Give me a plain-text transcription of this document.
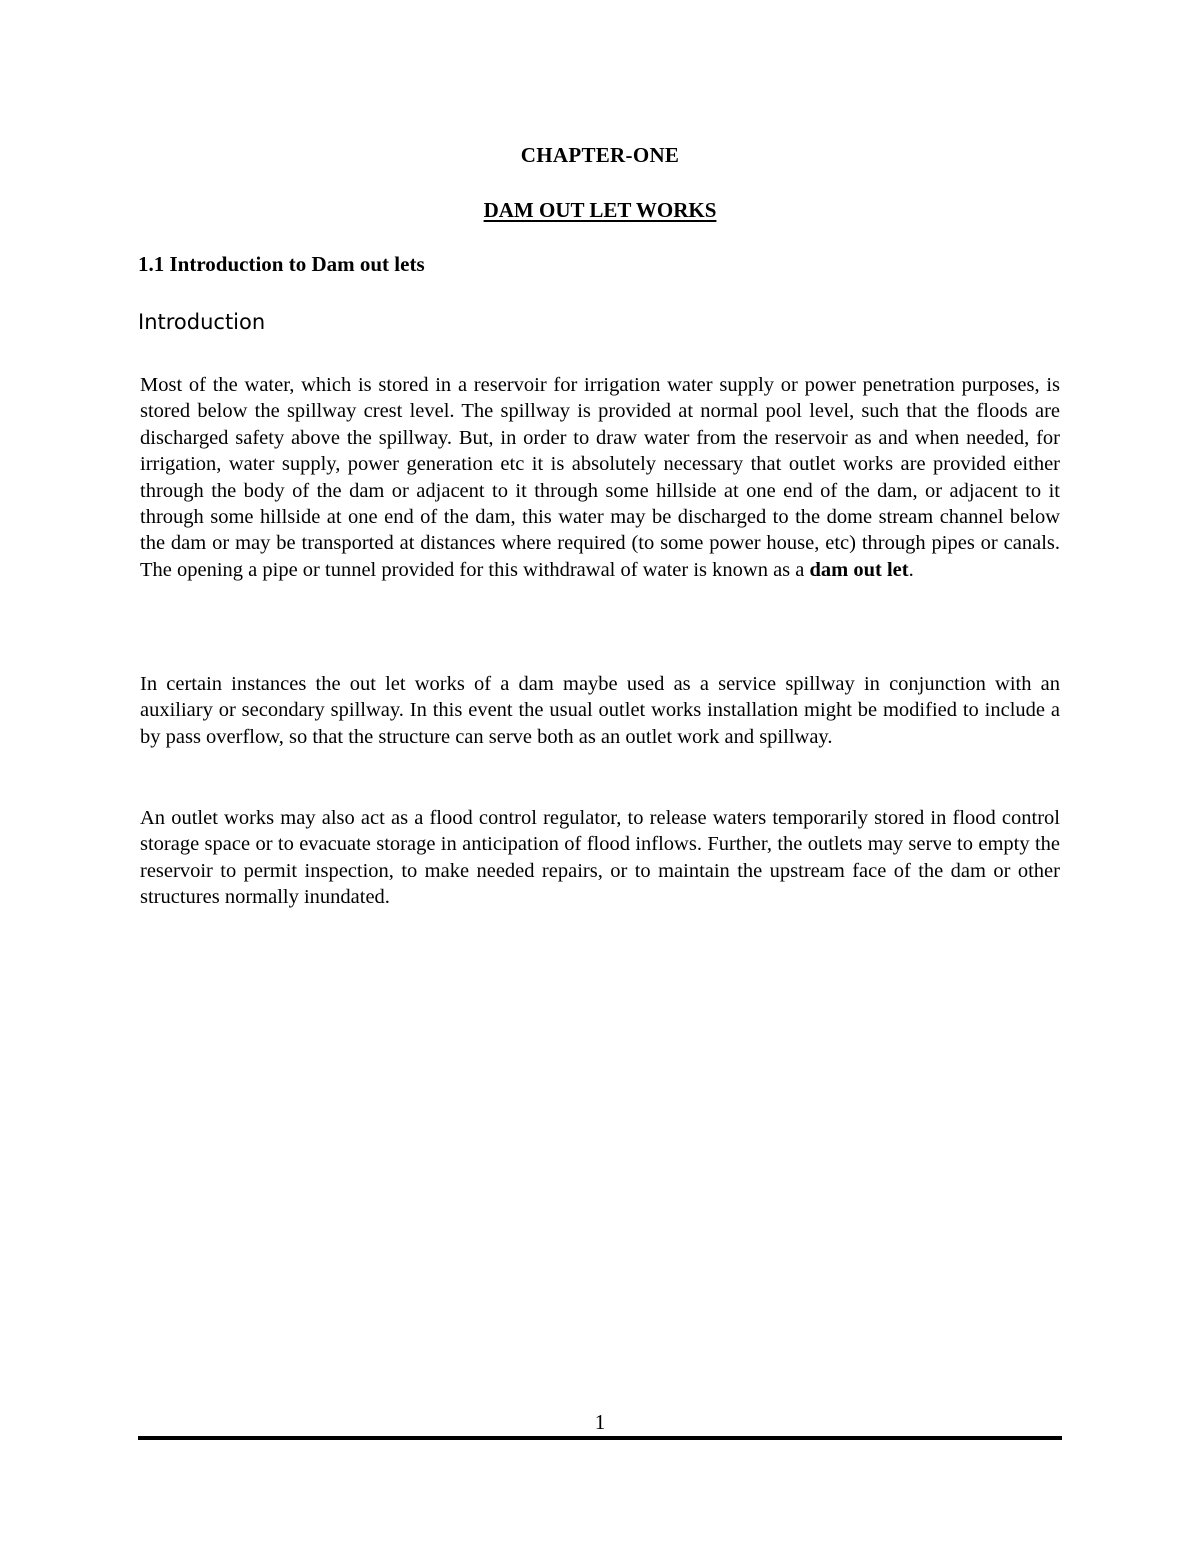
CHAPTER-ONE
DAM OUT LET WORKS
1.1 Introduction to Dam out lets
Introduction

Most of the water, which is stored in a reservoir for irrigation water supply or power penetration purposes, is stored below the spillway crest level. The spillway is provided at normal pool level, such that the floods are discharged safety above the spillway. But, in order to draw water from the reservoir as and when needed, for irrigation, water supply, power generation etc it is absolutely necessary that outlet works are provided either through the body of the dam or adjacent to it through some hillside at one end of the dam, or adjacent to it through some hillside at one end of the dam, this water may be discharged to the dome stream channel below the dam or may be transported at distances where required (to some power house, etc) through pipes or canals. The opening a pipe or tunnel provided for this withdrawal of water is known as a dam out let.

In certain instances the out let works of a dam maybe used as a service spillway in conjunction with an auxiliary or secondary spillway. In this event the usual outlet works installation might be modified to include a by pass overflow, so that the structure can serve both as an outlet work and spillway.

An outlet works may also act as a flood control regulator, to release waters temporarily stored in flood control storage space or to evacuate storage in anticipation of flood inflows. Further, the outlets may serve to empty the reservoir to permit inspection, to make needed repairs, or to maintain the upstream face of the dam or other structures normally inundated.

1
